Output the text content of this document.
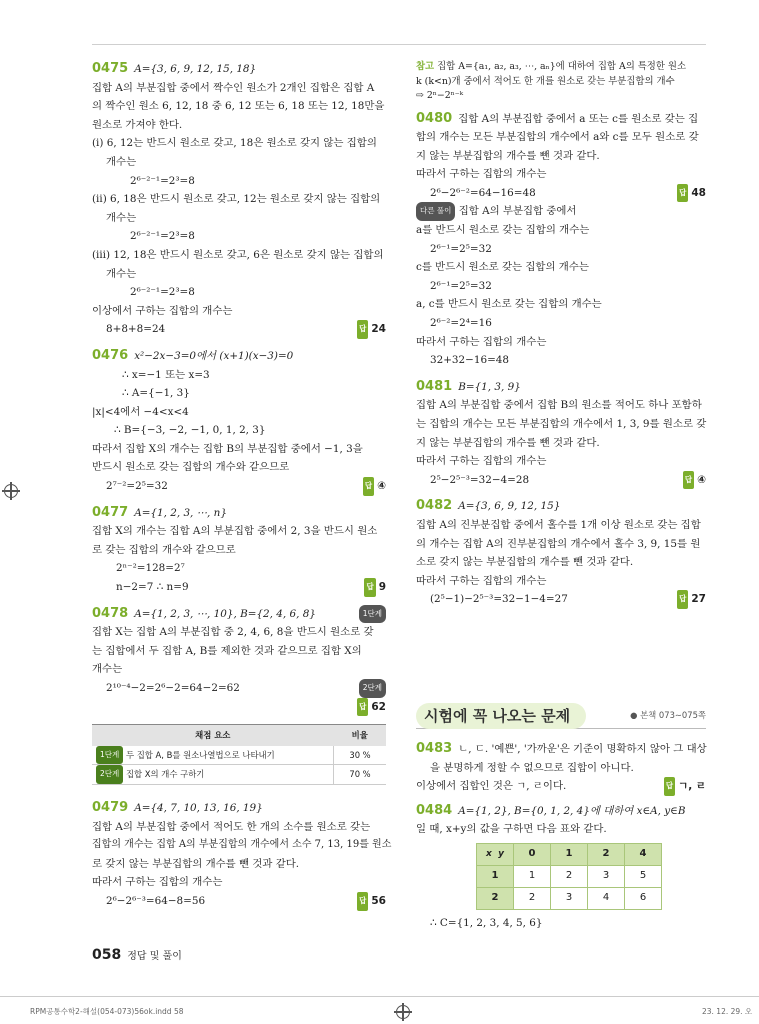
0475 A={3, 6, 9, 12, 15, 18}
집합 A의 부분집합 중에서 짝수인 원소가 2개인 집합은 집합 A
의 짝수인 원소 6, 12, 18 중 6, 12 또는 6, 18 또는 12, 18만을
원소로 가져야 한다.
(ⅰ) 6, 12는 반드시 원소로 갖고, 18은 원소로 갖지 않는 집합의
개수는
2⁶⁻²⁻¹=2³=8
(ⅱ) 6, 18은 반드시 원소로 갖고, 12는 원소로 갖지 않는 집합의
개수는
2⁶⁻²⁻¹=2³=8
(ⅲ) 12, 18은 반드시 원소로 갖고, 6은 원소로 갖지 않는 집합의
개수는
2⁶⁻²⁻¹=2³=8
이상에서 구하는 집합의 개수는
8+8+8=24	답 24
0476 x²−2x−3=0에서 (x+1)(x−3)=0
∴ x=−1 또는 x=3
∴ A={−1, 3}
|x|<4에서 −4<x<4
∴ B={−3, −2, −1, 0, 1, 2, 3}
따라서 집합 X의 개수는 집합 B의 부분집합 중에서 −1, 3을
반드시 원소로 갖는 집합의 개수와 같으므로
2⁷⁻²=2⁵=32	답 ④
0477 A={1, 2, 3, ⋯, n}
집합 X의 개수는 집합 A의 부분집합 중에서 2, 3을 반드시 원소
로 갖는 집합의 개수와 같으므로
2ⁿ⁻²=128=2⁷
n−2=7 ∴ n=9	답 9
0478 A={1, 2, 3, ⋯, 10}, B={2, 4, 6, 8}	1단계
집합 X는 집합 A의 부분집합 중 2, 4, 6, 8을 반드시 원소로 갖
는 집합에서 두 집합 A, B를 제외한 것과 같으므로 집합 X의
개수는
2¹⁰⁻⁴−2=2⁶−2=64−2=62	2단계

답 62
채점 요소	비율
1단계 두 집합 A, B를 원소나열법으로 나타내기	30 %
2단계 집합 X의 개수 구하기	70 %
0479 A={4, 7, 10, 13, 16, 19}
집합 A의 부분집합 중에서 적어도 한 개의 소수를 원소로 갖는
집합의 개수는 집합 A의 부분집합의 개수에서 소수 7, 13, 19를 원소
로 갖지 않는 부분집합의 개수를 뺀 것과 같다.
따라서 구하는 집합의 개수는
2⁶−2⁶⁻³=64−8=56	답 56
참고 집합 A={a₁, a₂, a₃, ⋯, aₙ}에 대하여 집합 A의 특정한 원소
k (k<n)개 중에서 적어도 한 개를 원소로 갖는 부분집합의 개수
⇨ 2ⁿ−2ⁿ⁻ᵏ
0480 집합 A의 부분집합 중에서 a 또는 c를 원소로 갖는 집
합의 개수는 모든 부분집합의 개수에서 a와 c를 모두 원소로 갖
지 않는 부분집합의 개수를 뺀 것과 같다.
따라서 구하는 집합의 개수는
2⁶−2⁶⁻²=64−16=48	답 48
다른 풀이 집합 A의 부분집합 중에서
a를 반드시 원소로 갖는 집합의 개수는
2⁶⁻¹=2⁵=32
c를 반드시 원소로 갖는 집합의 개수는
2⁶⁻¹=2⁵=32
a, c를 반드시 원소로 갖는 집합의 개수는
2⁶⁻²=2⁴=16
따라서 구하는 집합의 개수는
32+32−16=48
0481 B={1, 3, 9}
집합 A의 부분집합 중에서 집합 B의 원소를 적어도 하나 포함하
는 집합의 개수는 모든 부분집합의 개수에서 1, 3, 9를 원소로 갖
지 않는 부분집합의 개수를 뺀 것과 같다.
따라서 구하는 집합의 개수는
2⁵−2⁵⁻³=32−4=28	답 ④
0482 A={3, 6, 9, 12, 15}
집합 A의 진부분집합 중에서 홀수를 1개 이상 원소로 갖는 집합
의 개수는 집합 A의 진부분집합의 개수에서 홀수 3, 9, 15를 원
소로 갖지 않는 부분집합의 개수를 뺀 것과 같다.
따라서 구하는 집합의 개수는
(2⁵−1)−2⁵⁻³=32−1−4=27	답 27
시험에 꼭 나오는 문제	● 본책 073∼075쪽
0483 ㄴ, ㄷ. '예쁜', '가까운'은 기준이 명확하지 않아 그 대상
을 분명하게 정할 수 없으므로 집합이 아니다.
이상에서 집합인 것은 ㄱ, ㄹ이다.	답 ㄱ, ㄹ
0484 A={1, 2}, B={0, 1, 2, 4}에 대하여 x∈A, y∈B
일 때, x+y의 값을 구하면 다음 표와 같다.
x y	0	1	2	4
1	1	2	3	5
2	2	3	4	6
∴ C={1, 2, 3, 4, 5, 6}
058 정답 및 풀이
RPM공통수학2-해설(054-073)56ok.indd 58	23. 12. 29. 오
